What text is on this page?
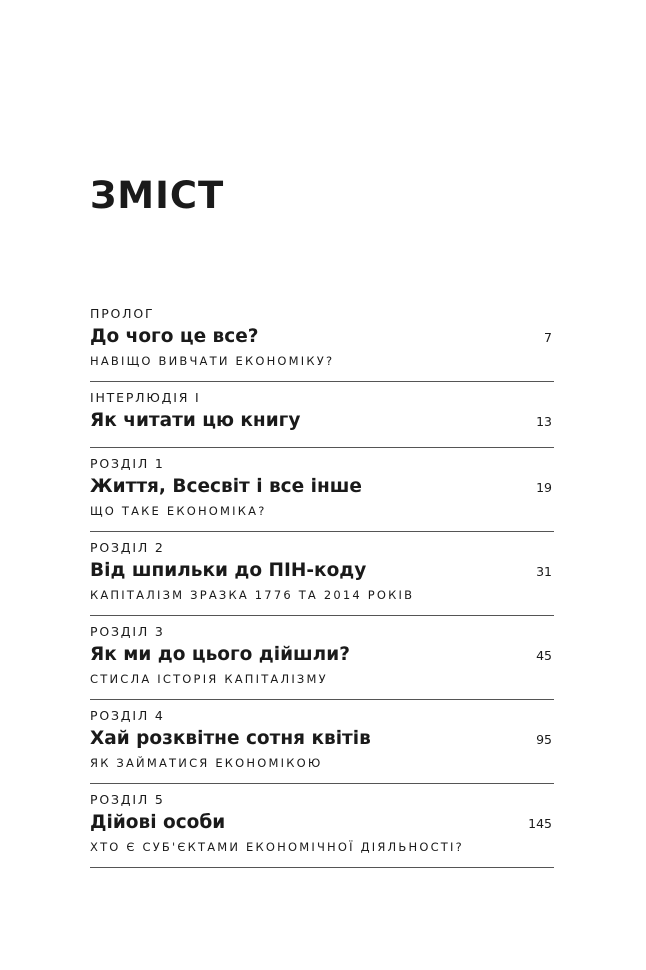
ЗМІСТ
ПРОЛОГ
До чого це все?	7
НАВІЩО ВИВЧАТИ ЕКОНОМІКУ?
ІНТЕРЛЮДІЯ І
Як читати цю книгу	13
РОЗДІЛ 1
Життя, Всесвіт і все інше	19
ЩО ТАКЕ ЕКОНОМІКА?
РОЗДІЛ 2
Від шпильки до ПІН-коду	31
КАПІТАЛІЗМ ЗРАЗКА 1776 ТА 2014 РОКІВ
РОЗДІЛ 3
Як ми до цього дійшли?	45
СТИСЛА ІСТОРІЯ КАПІТАЛІЗМУ
РОЗДІЛ 4
Хай розквітне сотня квітів	95
ЯК ЗАЙМАТИСЯ ЕКОНОМІКОЮ
РОЗДІЛ 5
Дійові особи	145
ХТО Є СУБ'ЄКТАМИ ЕКОНОМІЧНОЇ ДІЯЛЬНОСТІ?
